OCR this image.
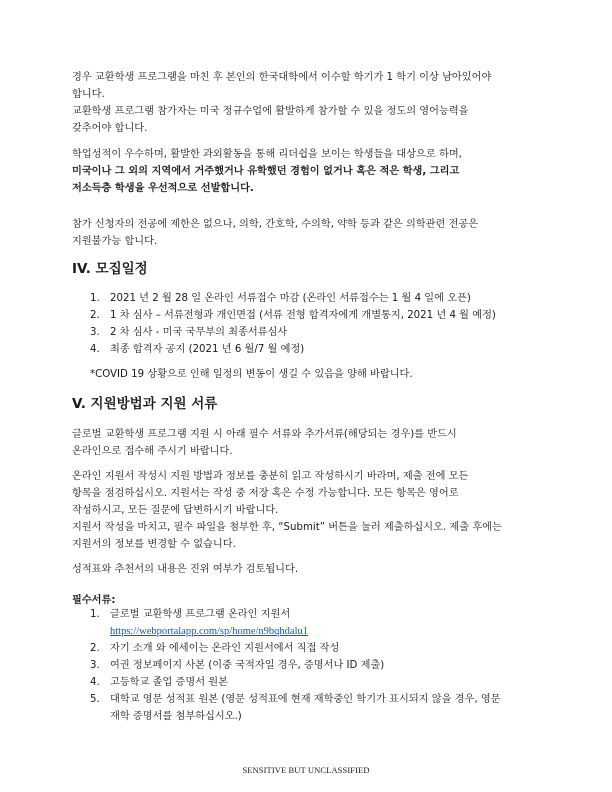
경우 교환학생 프로그램을 마친 후 본인의 한국대학에서 이수할 학기가 1 학기 이상 남아있어야
합니다.
교환학생 프로그램 참가자는 미국 정규수업에 활발하게 참가할 수 있을 정도의 영어능력을
갖추어야 합니다.
학업성적이 우수하며, 활발한 과외활동을 통해 리더쉽을 보이는 학생들을 대상으로 하며,
미국이나 그 외의 지역에서 거주했거나 유학했던 경험이 없거나 혹은 적은 학생, 그리고
저소득층 학생을 우선적으로 선발합니다.
참가 신청자의 전공에 제한은 없으나, 의학, 간호학, 수의학, 약학 등과 같은 의학관련 전공은
지원불가능 합니다.
IV. 모집일정
1. 2021 년 2 월 28 일 온라인 서류접수 마감 (온라인 서류접수는 1 월 4 일에 오픈)
2. 1 차 심사 – 서류전형과 개인면접 (서류 전형 합격자에게 개별통지, 2021 년 4 월 예정)
3. 2 차 심사 - 미국 국무부의 최종서류심사
4. 최종 합격자 공지 (2021 년 6 월/7 월 예정)
*COVID 19 상황으로 인해 일정의 변동이 생길 수 있음을 양해 바랍니다.
V. 지원방법과 지원 서류
글로벌 교환학생 프로그램 지원 시 아래 필수 서류와 추가서류(해당되는 경우)를 반드시
온라인으로 접수해 주시기 바랍니다.
온라인 지원서 작성시 지원 방법과 정보를 충분히 읽고 작성하시기 바라며, 제출 전에 모든
항목을 점검하십시오. 지원서는 작성 중 저장 혹은 수정 가능합니다. 모든 항목은 영어로
작성하시고, 모든 질문에 답변하시기 바랍니다.
지원서 작성을 마치고, 필수 파일을 첨부한 후, “Submit” 버튼을 눌러 제출하십시오. 제출 후에는
지원서의 정보를 변경할 수 없습니다.
성적표와 추천서의 내용은 진위 여부가 검토됩니다.
필수서류:
1. 글로벌 교환학생 프로그램 온라인 지원서
https://webportalapp.com/sp/home/n9bqhdalu1
2. 자기 소개 와 에세이는 온라인 지원서에서 직접 작성
3. 여권 정보페이지 사본 (이중 국적자일 경우, 증명서나 ID 제출)
4. 고등학교 졸업 증명서 원본
5. 대학교 영문 성적표 원본 (영문 성적표에 현재 재학중인 학기가 표시되지 않을 경우, 영문
재학 증명서를 첨부하십시오.)
SENSITIVE BUT UNCLASSIFIED
